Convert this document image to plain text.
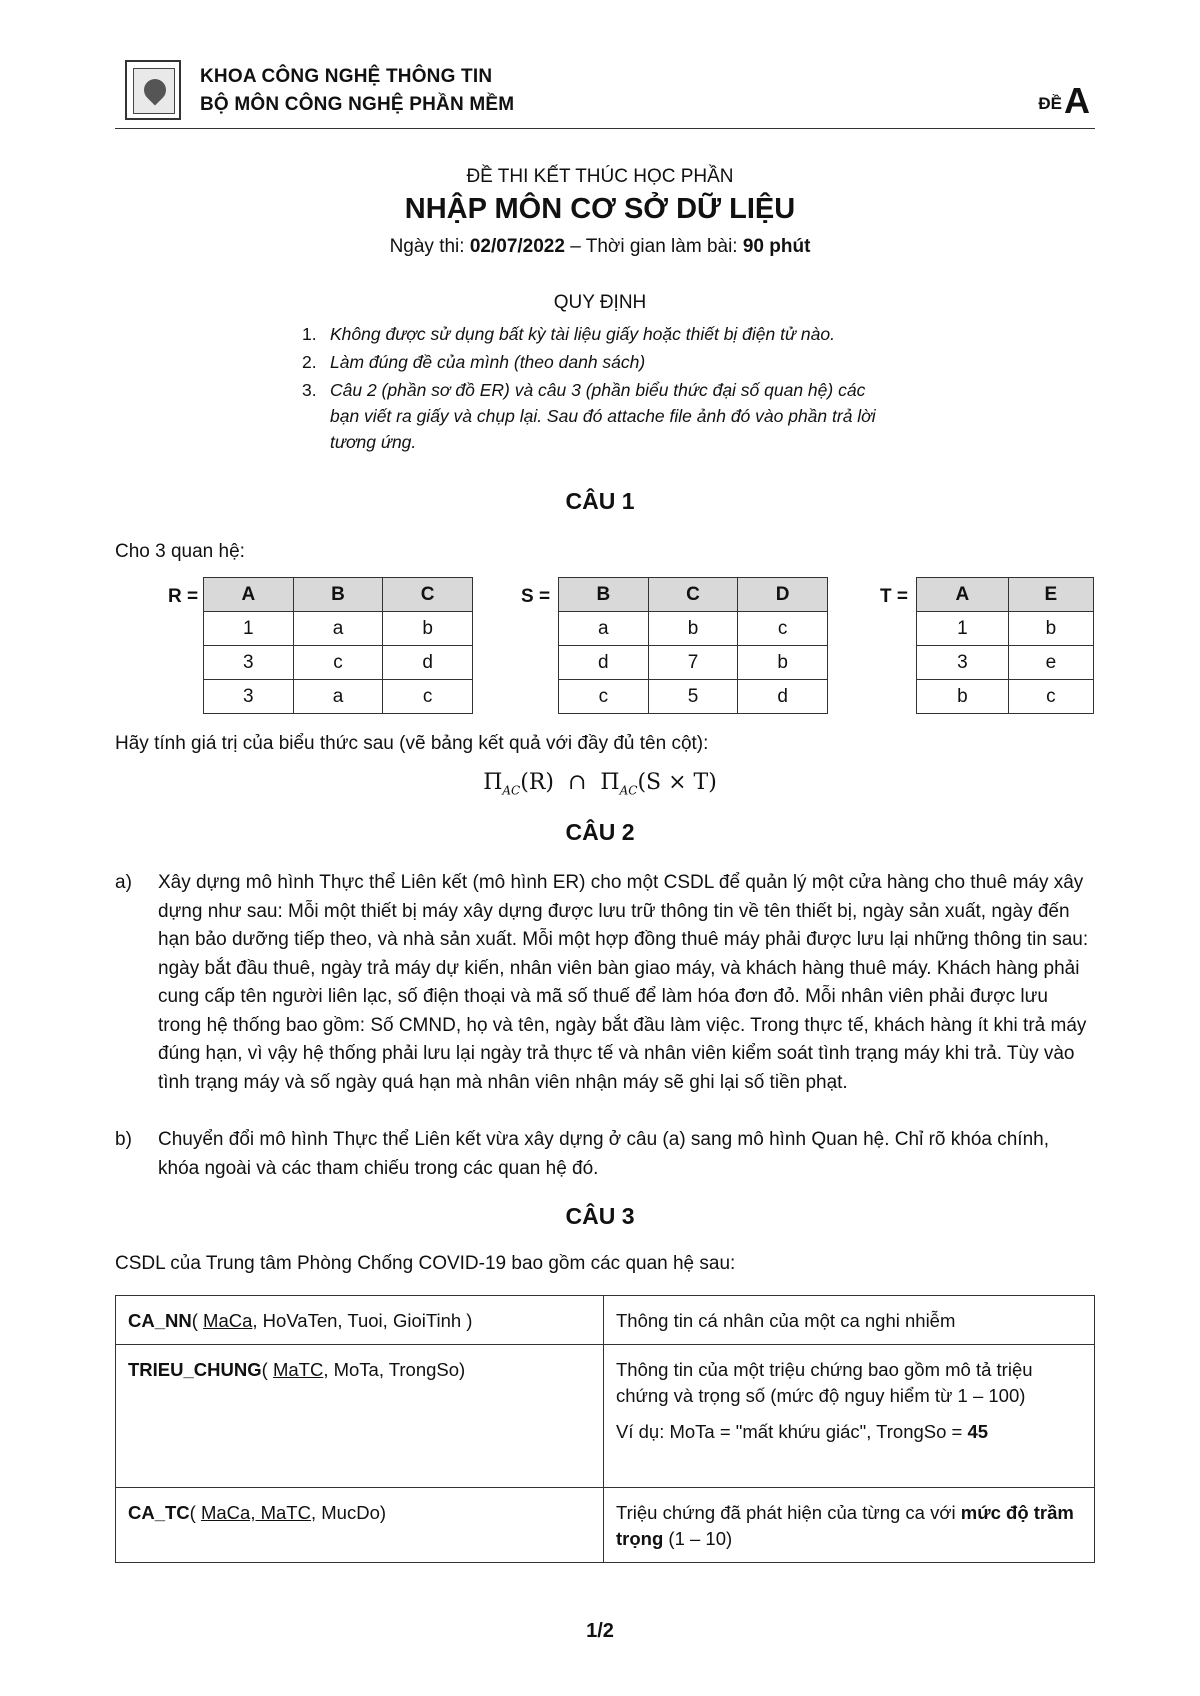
KHOA CÔNG NGHỆ THÔNG TIN
BỘ MÔN CÔNG NGHỆ PHẦN MỀM	ĐỀ A
ĐỀ THI KẾT THÚC HỌC PHẦN
NHẬP MÔN CƠ SỞ DỮ LIỆU
Ngày thi: 02/07/2022 – Thời gian làm bài: 90 phút
QUY ĐỊNH
1. Không được sử dụng bất kỳ tài liệu giấy hoặc thiết bị điện tử nào.
2. Làm đúng đề của mình (theo danh sách)
3. Câu 2 (phần sơ đồ ER) và câu 3 (phần biểu thức đại số quan hệ) các bạn viết ra giấy và chụp lại. Sau đó attache file ảnh đó vào phần trả lời tương ứng.
CÂU 1
Cho 3 quan hệ:
R = A	B	C
1	a	b
3	c	d
3	a	c
S = B	C	D
a	b	c
d	7	b
c	5	d
T =	A	E
1	b
3	e
b	c
Hãy tính giá trị của biểu thức sau (vẽ bảng kết quả với đầy đủ tên cột):
$\Pi_{AC}(R)$ ∩ $\Pi_{AC}(S \times T)$
CÂU 2
a) Xây dựng mô hình Thực thể Liên kết (mô hình ER) cho một CSDL để quản lý một cửa hàng cho thuê máy xây dựng như sau: Mỗi một thiết bị máy xây dựng được lưu trữ thông tin về tên thiết bị, ngày sản xuất, ngày đến hạn bảo dưỡng tiếp theo, và nhà sản xuất. Mỗi một hợp đồng thuê máy phải được lưu lại những thông tin sau: ngày bắt đầu thuê, ngày trả máy dự kiến, nhân viên bàn giao máy, và khách hàng thuê máy. Khách hàng phải cung cấp tên người liên lạc, số điện thoại và mã số thuế để làm hóa đơn đỏ. Mỗi nhân viên phải được lưu trong hệ thống bao gồm: Số CMND, họ và tên, ngày bắt đầu làm việc. Trong thực tế, khách hàng ít khi trả máy đúng hạn, vì vậy hệ thống phải lưu lại ngày trả thực tế và nhân viên kiểm soát tình trạng máy khi trả. Tùy vào tình trạng máy và số ngày quá hạn mà nhân viên nhận máy sẽ ghi lại số tiền phạt.
b) Chuyển đổi mô hình Thực thể Liên kết vừa xây dựng ở câu (a) sang mô hình Quan hệ. Chỉ rõ khóa chính, khóa ngoài và các tham chiếu trong các quan hệ đó.
CÂU 3
CSDL của Trung tâm Phòng Chống COVID-19 bao gồm các quan hệ sau:
CA_NN( MaCa, HoVaTen, Tuoi, GioiTinh )	Thông tin cá nhân của một ca nghi nhiễm
TRIEU_CHUNG( MaTC, MoTa, TrongSo)	Thông tin của một triệu chứng bao gồm mô tả triệu chứng và trọng số (mức độ nguy hiểm từ 1 – 100)
Ví dụ: MoTa = "mất khứu giác", TrongSo = 45

CA_TC( MaCa, MaTC, MucDo)	Triệu chứng đã phát hiện của từng ca với mức độ trầm trọng (1 – 10)
1/2
